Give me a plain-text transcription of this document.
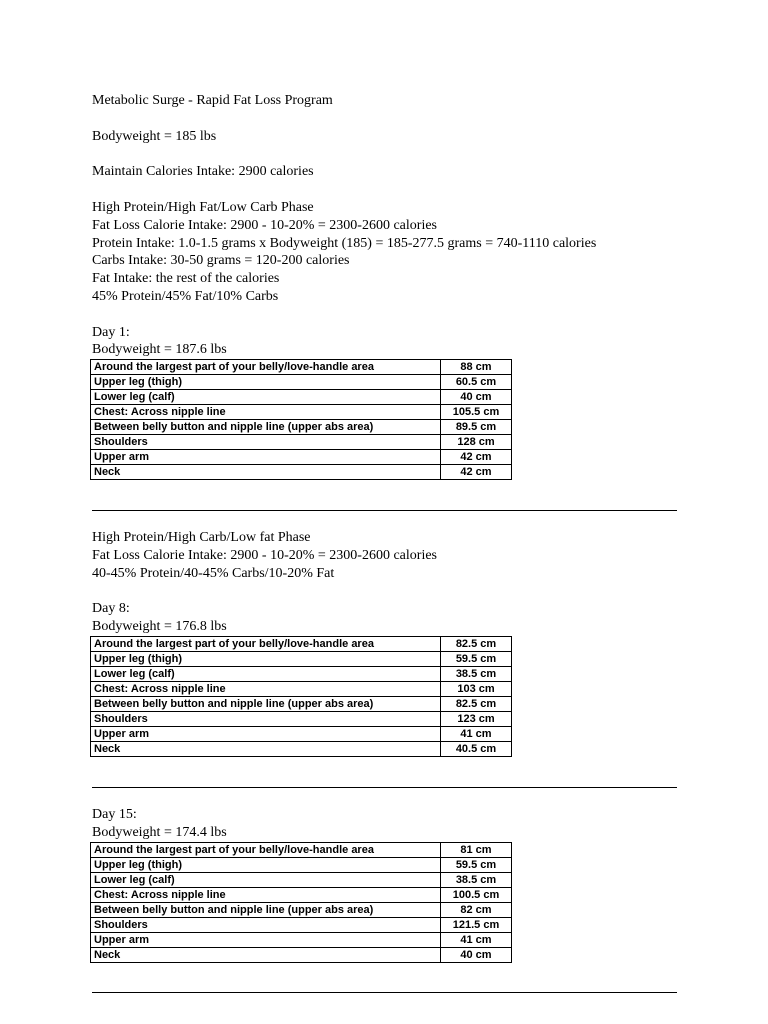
Metabolic Surge - Rapid Fat Loss Program
Bodyweight = 185 lbs
Maintain Calories Intake: 2900 calories
High Protein/High Fat/Low Carb Phase
Fat Loss Calorie Intake: 2900 - 10-20% = 2300-2600 calories
Protein Intake: 1.0-1.5 grams x Bodyweight (185) = 185-277.5 grams = 740-1110 calories
Carbs Intake: 30-50 grams = 120-200 calories
Fat Intake: the rest of the calories
45% Protein/45% Fat/10% Carbs
Day 1:
Bodyweight = 187.6 lbs
Around the largest part of your belly/love-handle area	88 cm
Upper leg (thigh)	60.5 cm
Lower leg (calf)	40 cm
Chest: Across nipple line	105.5 cm
Between belly button and nipple line (upper abs area)	89.5 cm
Shoulders	128 cm
Upper arm	42 cm
Neck	42 cm
High Protein/High Carb/Low fat Phase
Fat Loss Calorie Intake: 2900 - 10-20% = 2300-2600 calories
40-45% Protein/40-45% Carbs/10-20% Fat
Day 8:
Bodyweight = 176.8 lbs
Around the largest part of your belly/love-handle area	82.5 cm
Upper leg (thigh)	59.5 cm
Lower leg (calf)	38.5 cm
Chest: Across nipple line	103 cm
Between belly button and nipple line (upper abs area)	82.5 cm
Shoulders	123 cm
Upper arm	41 cm
Neck	40.5 cm
Day 15:
Bodyweight = 174.4 lbs
Around the largest part of your belly/love-handle area	81 cm
Upper leg (thigh)	59.5 cm
Lower leg (calf)	38.5 cm
Chest: Across nipple line	100.5 cm
Between belly button and nipple line (upper abs area)	82 cm
Shoulders	121.5 cm
Upper arm	41 cm
Neck	40 cm
